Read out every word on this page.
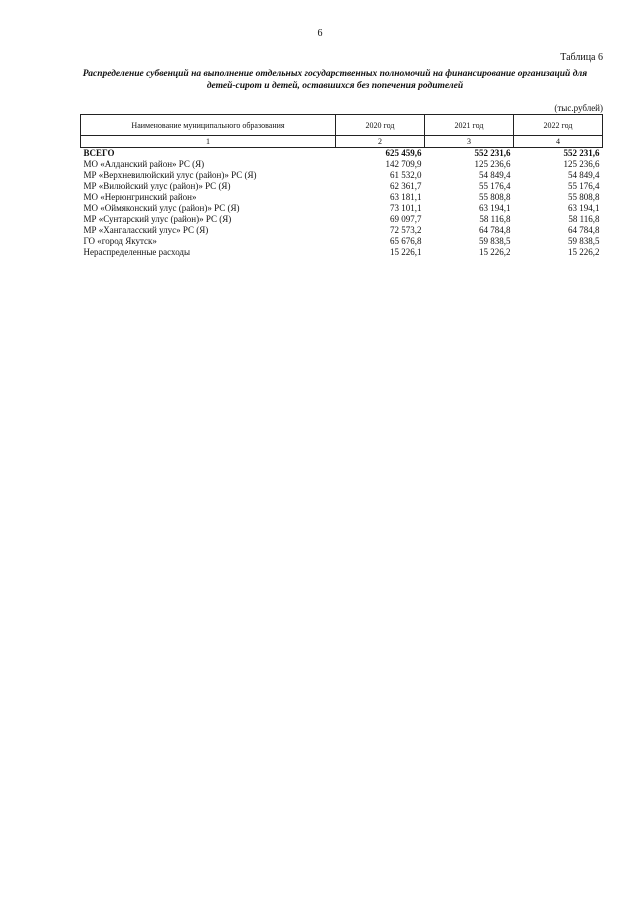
6
Таблица 6
Распределение субвенций на выполнение отдельных государственных полномочий на финансирование организаций для детей-сирот и детей, оставшихся без попечения родителей
(тыс.рублей)
Наименование муниципального образования	2020 год	2021 год	2022 год
1	2	3	4
ВСЕГО	625 459,6	552 231,6	552 231,6
МО «Алданский район» РС (Я)	142 709,9	125 236,6	125 236,6
МР «Верхневилюйский улус (район)» РС (Я)	61 532,0	54 849,4	54 849,4
МР «Вилюйский улус (район)» РС (Я)	62 361,7	55 176,4	55 176,4
МО «Нерюнгринский район»	63 181,1	55 808,8	55 808,8
МО «Оймяконский улус (район)» РС (Я)	73 101,1	63 194,1	63 194,1
МР «Сунтарский улус (район)» РС (Я)	69 097,7	58 116,8	58 116,8
МР «Хангаласский улус» РС (Я)	72 573,2	64 784,8	64 784,8
ГО «город Якутск»	65 676,8	59 838,5	59 838,5
Нераспределенные расходы	15 226,1	15 226,2	15 226,2
